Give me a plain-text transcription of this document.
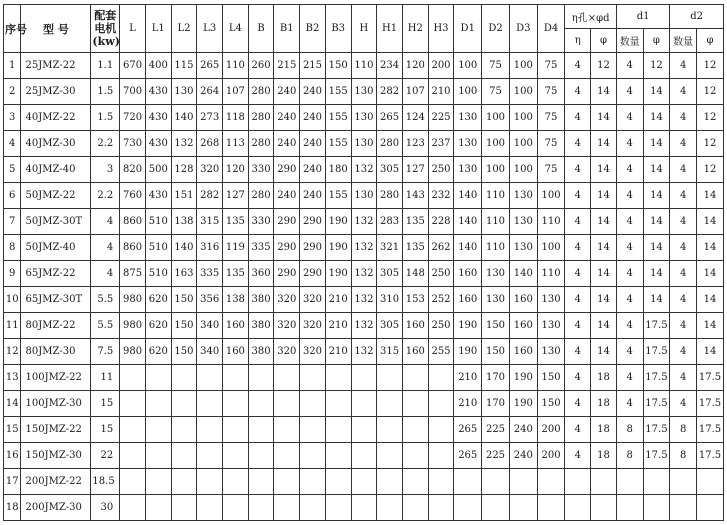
序号	型 号	配套电机(kw)	L	L1	L2	L3	L4	B	B1	B2	B3	H	H1	H2	H3	D1	D2	D3	D4	η孔×φd		d1		d2	
																				η	φ	数量	φ	数量	φ
1	25JMZ-22	1.1	670	400	115	265	110	260	215	215	150	110	234	120	200	100	75	100	75	4	12	4	12	4	12
2	25JMZ-30	1.5	700	430	130	264	107	280	240	240	155	130	282	107	210	100	75	100	75	4	14	4	14	4	12
3	40JMZ-22	1.5	720	430	140	273	118	280	240	240	155	130	265	124	225	130	100	100	75	4	14	4	14	4	12
4	40JMZ-30	2.2	730	430	132	268	113	280	240	240	155	130	280	123	237	130	100	100	75	4	14	4	14	4	12
5	40JMZ-40	3	820	500	128	320	120	330	290	240	180	132	305	127	250	130	100	100	75	4	14	4	14	4	12
6	50JMZ-22	2.2	760	430	151	282	127	280	240	240	155	130	280	143	232	140	110	130	100	4	14	4	14	4	14
7	50JMZ-30T	4	860	510	138	315	135	330	290	290	190	132	283	135	228	140	110	130	110	4	14	4	14	4	14
8	50JMZ-40	4	860	510	140	316	119	335	290	290	190	132	321	135	262	140	110	130	100	4	14	4	14	4	14
9	65JMZ-22	4	875	510	163	335	135	360	290	290	190	132	305	148	250	160	130	140	110	4	14	4	14	4	14
10	65JMZ-30T	5.5	980	620	150	356	138	380	320	320	210	132	310	153	252	160	130	160	130	4	14	4	14	4	14
11	80JMZ-22	5.5	980	620	150	340	160	380	320	320	210	132	305	160	250	190	150	160	130	4	14	4	17.5	4	14
12	80JMZ-30	7.5	980	620	150	340	160	380	320	320	210	132	315	160	255	190	150	160	130	4	14	4	17.5	4	14
13	100JMZ-22	11														210	170	190	150	4	18	4	17.5	4	17.5
14	100JMZ-30	15														210	170	190	150	4	18	4	17.5	4	17.5
15	150JMZ-22	15														265	225	240	200	4	18	8	17.5	8	17.5
16	150JMZ-30	22														265	225	240	200	4	18	8	17.5	8	17.5
17	200JMZ-22	18.5																							
18	200JMZ-30	30																							
